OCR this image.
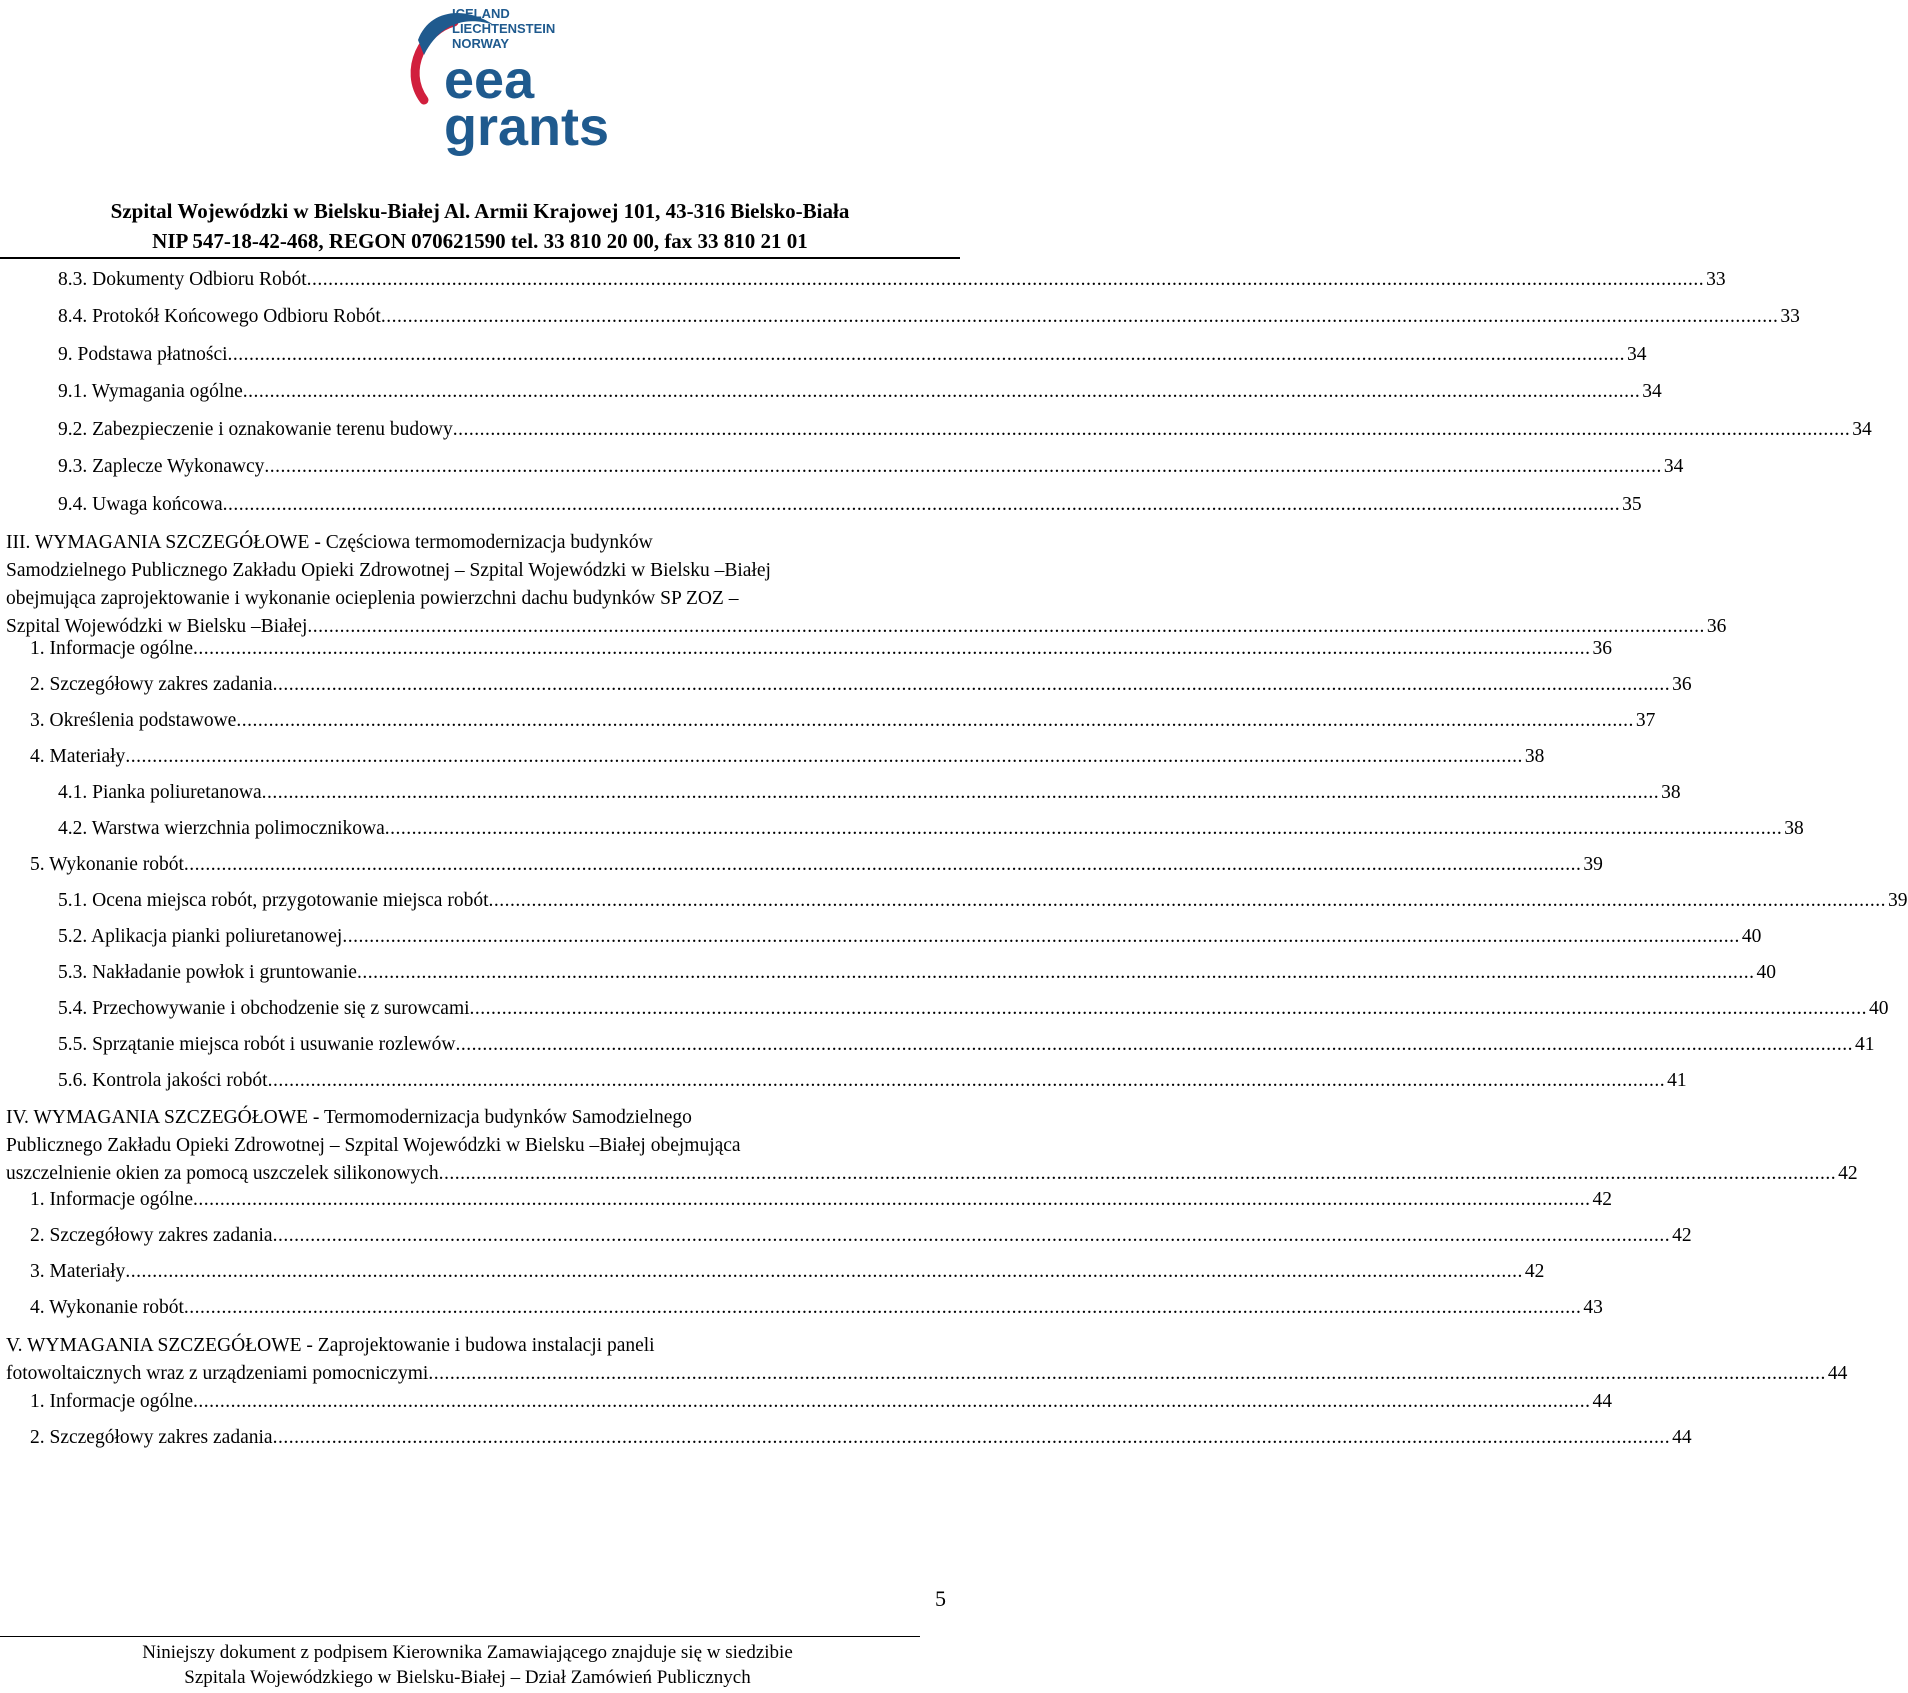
ICELAND
LIECHTENSTEIN
NORWAY
eea
grants
Szpital Wojewódzki w Bielsku-Białej Al. Armii Krajowej 101, 43-316 Bielsko-Biała
NIP 547-18-42-468, REGON 070621590 tel. 33 810 20 00, fax 33 810 21 01
8.3. Dokumenty Odbioru Robót .................................................................................................................................................................................................................................................................... 33
8.4. Protokół Końcowego Odbioru Robót .................................................................................................................................................................................................................................................................... 33
9. Podstawa płatności .................................................................................................................................................................................................................................................................... 34
9.1. Wymagania ogólne .................................................................................................................................................................................................................................................................... 34
9.2. Zabezpieczenie i oznakowanie terenu budowy .................................................................................................................................................................................................................................................................... 34
9.3. Zaplecze Wykonawcy .................................................................................................................................................................................................................................................................... 34
9.4. Uwaga końcowa .................................................................................................................................................................................................................................................................... 35
III. WYMAGANIA SZCZEGÓŁOWE - Częściowa termomodernizacja budynków
Samodzielnego Publicznego Zakładu Opieki Zdrowotnej – Szpital Wojewódzki w Bielsku –Białej
obejmująca zaprojektowanie i wykonanie ocieplenia powierzchni dachu budynków SP ZOZ –
Szpital Wojewódzki w Bielsku –Białej .................................................................................................................................................................................................................................................................... 36
1. Informacje ogólne .................................................................................................................................................................................................................................................................... 36
2. Szczegółowy zakres zadania .................................................................................................................................................................................................................................................................... 36
3. Określenia podstawowe .................................................................................................................................................................................................................................................................... 37
4. Materiały .................................................................................................................................................................................................................................................................... 38
4.1. Pianka poliuretanowa .................................................................................................................................................................................................................................................................... 38
4.2. Warstwa wierzchnia polimocznikowa .................................................................................................................................................................................................................................................................... 38
5. Wykonanie robót .................................................................................................................................................................................................................................................................... 39
5.1. Ocena miejsca robót, przygotowanie miejsca robót .................................................................................................................................................................................................................................................................... 39
5.2. Aplikacja pianki poliuretanowej .................................................................................................................................................................................................................................................................... 40
5.3. Nakładanie powłok i gruntowanie .................................................................................................................................................................................................................................................................... 40
5.4. Przechowywanie i obchodzenie się z surowcami .................................................................................................................................................................................................................................................................... 40
5.5. Sprzątanie miejsca robót i usuwanie rozlewów .................................................................................................................................................................................................................................................................... 41
5.6. Kontrola jakości robót .................................................................................................................................................................................................................................................................... 41
IV. WYMAGANIA SZCZEGÓŁOWE - Termomodernizacja budynków Samodzielnego
Publicznego Zakładu Opieki Zdrowotnej – Szpital Wojewódzki w Bielsku –Białej obejmująca
uszczelnienie okien za pomocą uszczelek silikonowych .................................................................................................................................................................................................................................................................... 42
1. Informacje ogólne .................................................................................................................................................................................................................................................................... 42
2. Szczegółowy zakres zadania .................................................................................................................................................................................................................................................................... 42
3. Materiały .................................................................................................................................................................................................................................................................... 42
4. Wykonanie robót .................................................................................................................................................................................................................................................................... 43
V. WYMAGANIA SZCZEGÓŁOWE - Zaprojektowanie i budowa instalacji paneli
fotowoltaicznych wraz z urządzeniami pomocniczymi .................................................................................................................................................................................................................................................................... 44
1. Informacje ogólne .................................................................................................................................................................................................................................................................... 44
2. Szczegółowy zakres zadania .................................................................................................................................................................................................................................................................... 44
5
Niniejszy dokument z podpisem Kierownika Zamawiającego znajduje się w siedzibie
Szpitala Wojewódzkiego w Bielsku-Białej – Dział Zamówień Publicznych
